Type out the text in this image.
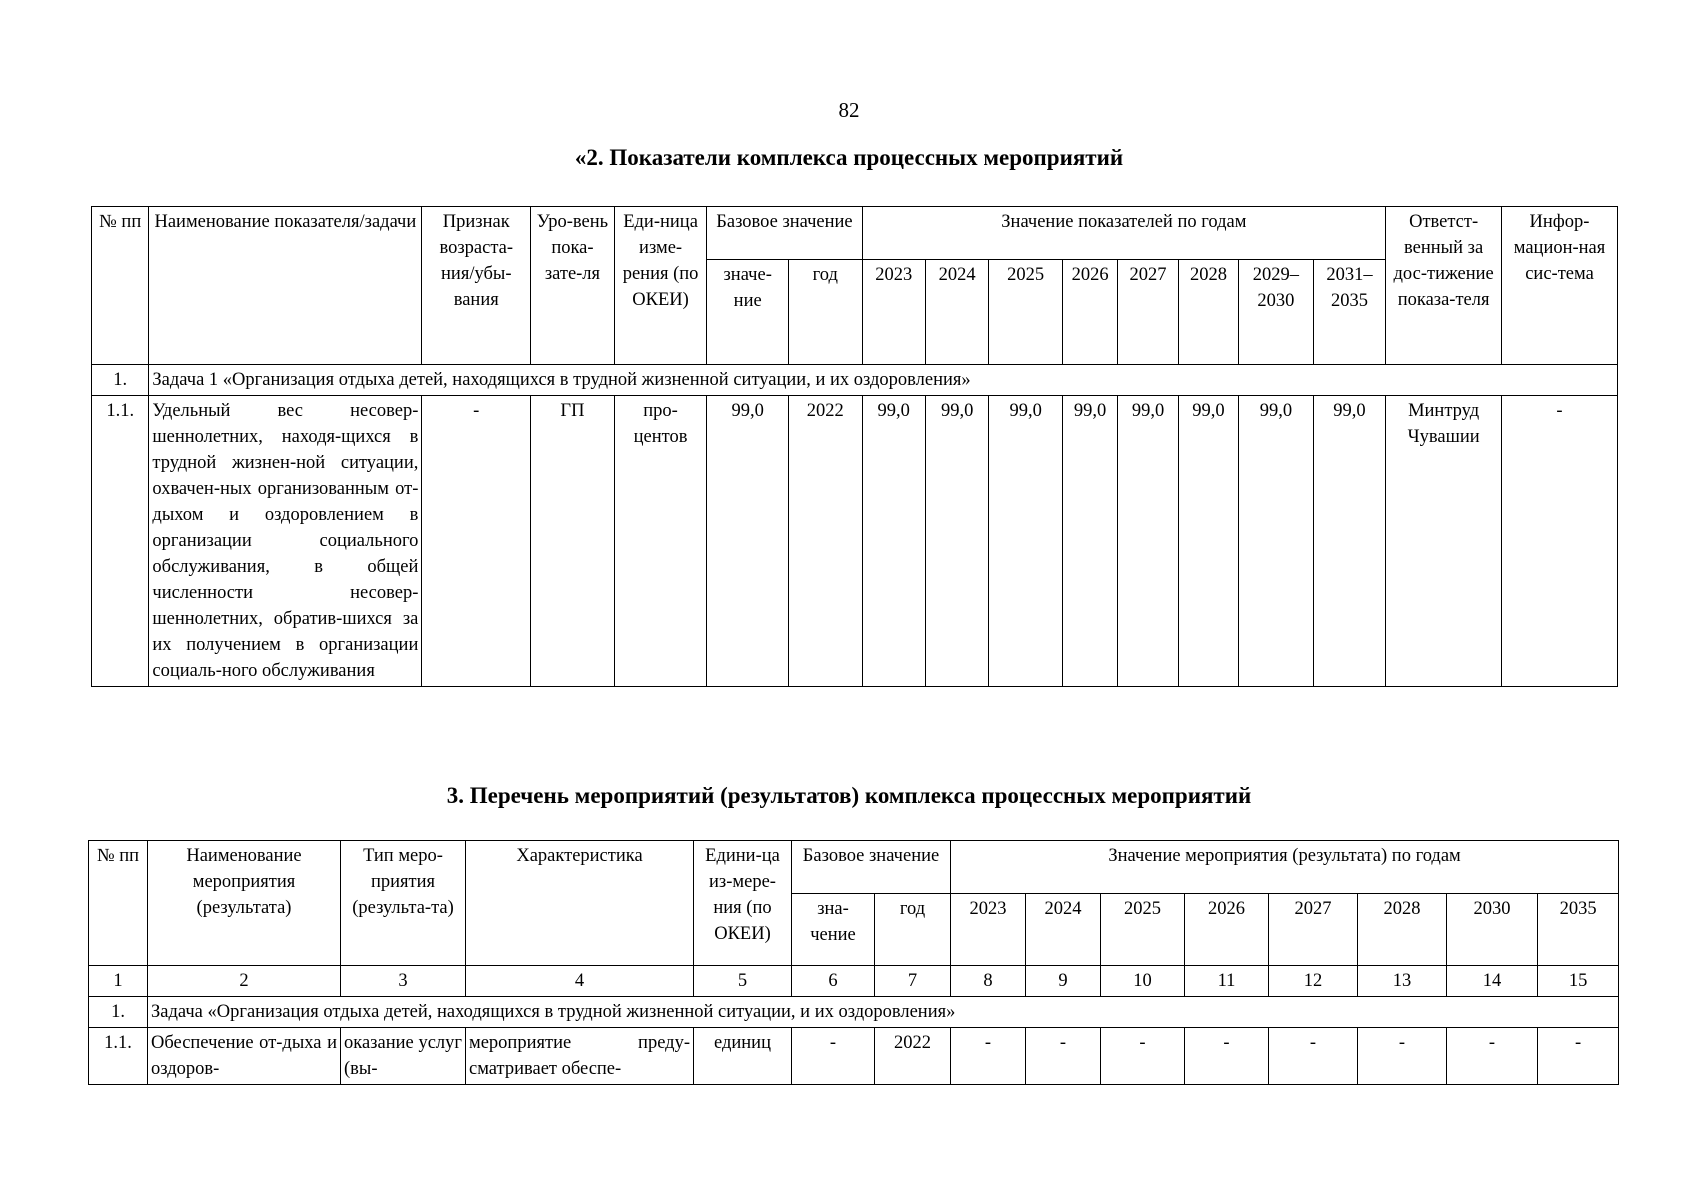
82
«2. Показатели комплекса процессных мероприятий
№ пп	Наименование показателя/задачи	Признак возраста-ния/убы-вания	Уро-вень пока-зате-ля	Еди-ница изме-рения (по ОКЕИ)	Базовое значение		Значение показателей по годам								Ответст-венный за дос-тижение показа-теля	Инфор-мацион-ная сис-тема
					значе-ние	год	2023	2024	2025	2026	2027	2028	2029–2030	2031–2035		
1.	Задача 1 «Организация отдыха детей, находящихся в трудной жизненной ситуации, и их оздоровления»															
1.1.	Удельный вес несовер-шеннолетних, находя-щихся в трудной жизнен-ной ситуации, охвачен-ных организованным от-дыхом и оздоровлением в организации социального обслуживания, в общей численности несовер-шеннолетних, обратив-шихся за их получением в организации социаль-ного обслуживания	-	ГП	про-центов	99,0	2022	99,0	99,0	99,0	99,0	99,0	99,0	99,0	99,0	Минтруд Чувашии	-
3. Перечень мероприятий (результатов) комплекса процессных мероприятий
№ пп	Наименование мероприятия (результата)	Тип меро-приятия (результа-та)	Характеристика	Едини-ца из-мере-ния (по ОКЕИ)	Базовое значение		Значение мероприятия (результата) по годам							
					зна-чение	год	2023	2024	2025	2026	2027	2028	2030	2035
1	2	3	4	5	6	7	8	9	10	11	12	13	14	15
1.	Задача «Организация отдыха детей, находящихся в трудной жизненной ситуации, и их оздоровления»													
1.1.	Обеспечение от-дыха и оздоров-	оказание услуг (вы-	мероприятие преду-сматривает обеспе-	единиц	-	2022	-	-	-	-	-	-	-	-
